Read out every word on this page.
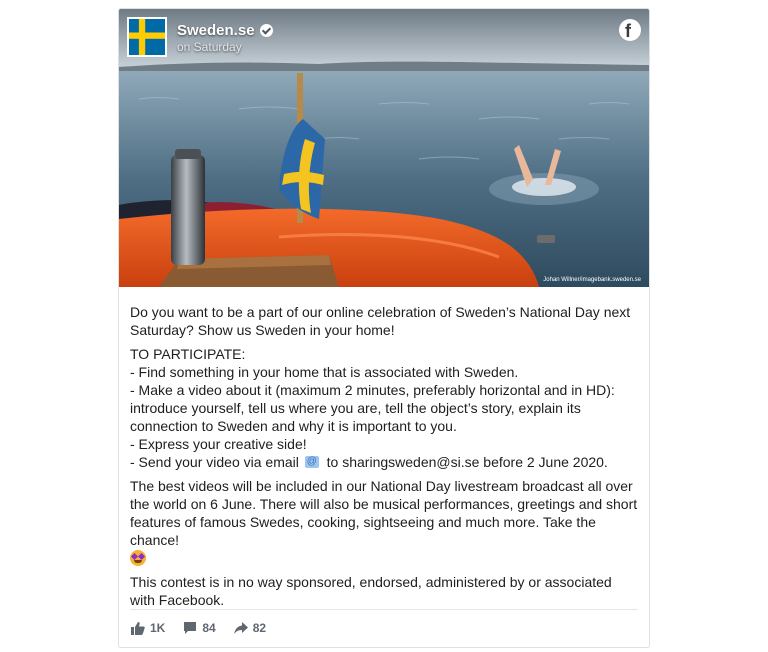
Sweden.se
on Saturday
f
Johan Willner/imagebank.sweden.se

Do you want to be a part of our online celebration of Sweden’s National Day next Saturday? Show us Sweden in your home!

TO PARTICIPATE:
- Find something in your home that is associated with Sweden.
- Make a video about it (maximum 2 minutes, preferably horizontal and in HD): introduce yourself, tell us where you are, tell the object’s story, explain its connection to Sweden and why it is important to you.
- Express your creative side!
- Send your video via email @ to sharingsweden@si.se before 2 June 2020.

The best videos will be included in our National Day livestream broadcast all over the world on 6 June. There will also be musical performances, greetings and short features of famous Swedes, cooking, sightseeing and much more. Take the chance!

This contest is in no way sponsored, endorsed, administered by or associated with Facebook.

1K	84	82
